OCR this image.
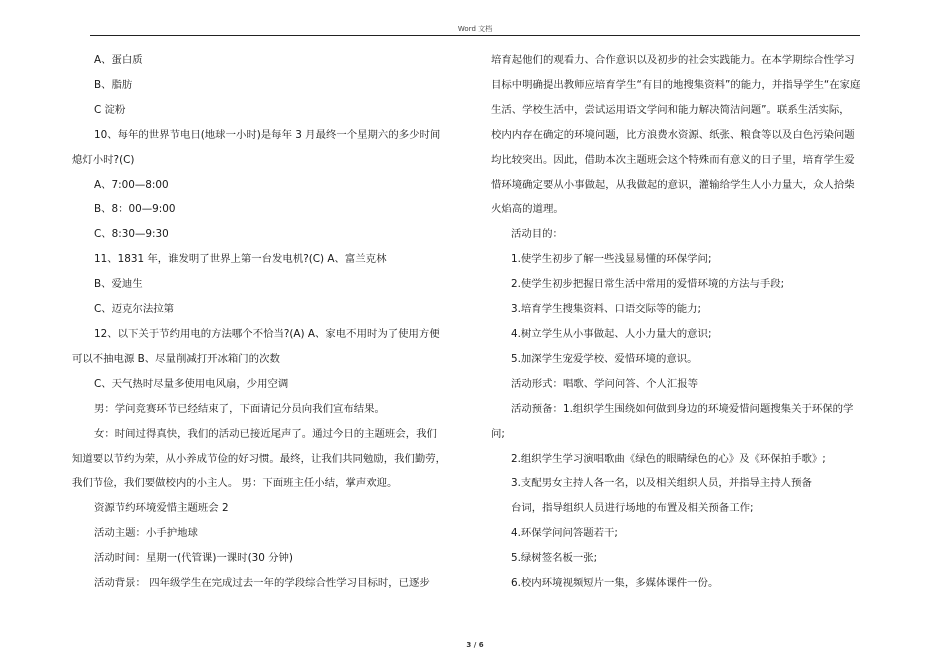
Word 文档

A、蛋白质

B、脂肪

C 淀粉

10、每年的世界节电日(地球一小时)是每年 3 月最终一个星期六的多少时间

熄灯小时?(C)

A、7:00—8:00

B、8：00—9:00

C、8:30—9:30

11、1831 年，谁发明了世界上第一台发电机?(C) A、富兰克林

B、爱迪生

C、迈克尔法拉第

12、以下关于节约用电的方法哪个不恰当?(A) A、家电不用时为了使用方便

可以不抽电源 B、尽量削减打开冰箱门的次数

C、天气热时尽量多使用电风扇，少用空调

男：学问竞赛环节已经结束了，下面请记分员向我们宣布结果。

女：时间过得真快，我们的活动已接近尾声了。通过今日的主题班会，我们

知道要以节约为荣，从小养成节俭的好习惯。最终，让我们共同勉励，我们勤劳，

我们节俭，我们要做校内的小主人。 男：下面班主任小结，掌声欢迎。

资源节约环境爱惜主题班会 2

活动主题：小手护地球

活动时间：星期一(代管课)一课时(30 分钟)

活动背景： 四年级学生在完成过去一年的学段综合性学习目标时，已逐步

培育起他们的观看力、合作意识以及初步的社会实践能力。在本学期综合性学习

目标中明确提出教师应培育学生“有目的地搜集资料”的能力，并指导学生“在家庭

生活、学校生活中，尝试运用语文学问和能力解决简洁问题”。联系生活实际，

校内内存在确定的环境问题，比方浪费水资源、纸张、粮食等以及白色污染问题

均比较突出。因此，借助本次主题班会这个特殊而有意义的日子里，培育学生爱

惜环境确定要从小事做起，从我做起的意识，灌输给学生人小力量大，众人拾柴

火焰高的道理。

活动目的：

1.使学生初步了解一些浅显易懂的环保学问;

2.使学生初步把握日常生活中常用的爱惜环境的方法与手段;

3.培育学生搜集资料、口语交际等的能力;

4.树立学生从小事做起、人小力量大的意识;

5.加深学生宠爱学校、爱惜环境的意识。

活动形式：唱歌、学问问答、个人汇报等

活动预备：1.组织学生围绕如何做到身边的环境爱惜问题搜集关于环保的学

问;

2.组织学生学习演唱歌曲《绿色的眼睛绿色的心》及《环保拍手歌》;

3.支配男女主持人各一名，以及相关组织人员，并指导主持人预备

台词，指导组织人员进行场地的布置及相关预备工作;

4.环保学问问答题若干;

5.绿树签名板一张;

6.校内环境视频短片一集，多媒体课件一份。

3 / 6
